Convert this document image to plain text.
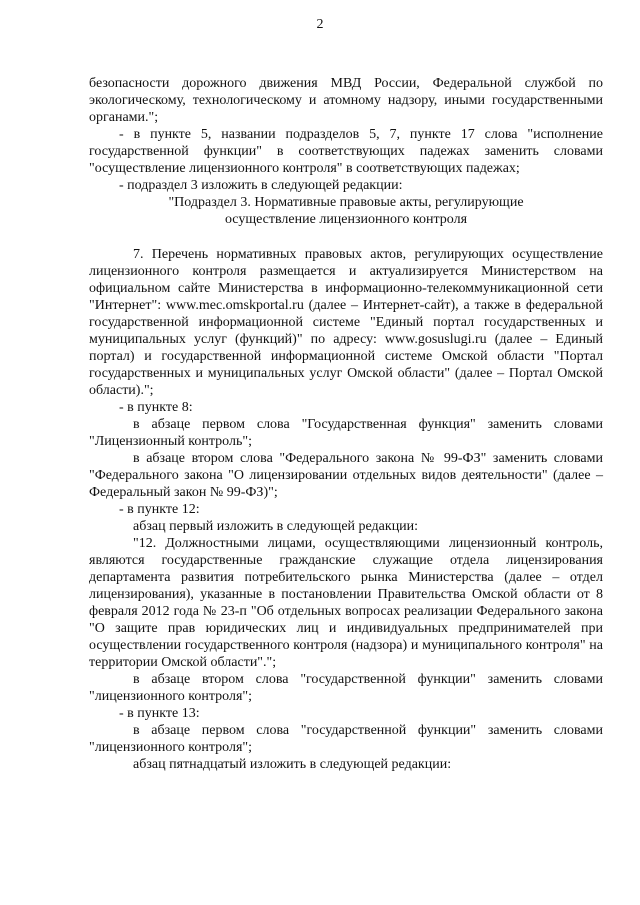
2

безопасности дорожного движения МВД России, Федеральной службой по экологическому, технологическому и атомному надзору, иными государственными органами.";

- в пункте 5, названии подразделов 5, 7, пункте 17 слова "исполнение государственной функции" в соответствующих падежах заменить словами "осуществление лицензионного контроля" в соответствующих падежах;

- подраздел 3 изложить в следующей редакции:

"Подраздел 3. Нормативные правовые акты, регулирующие осуществление лицензионного контроля

7. Перечень нормативных правовых актов, регулирующих осуществление лицензионного контроля размещается и актуализируется Министерством на официальном сайте Министерства в информационно-телекоммуникационной сети "Интернет": www.mec.omskportal.ru (далее – Интернет-сайт), а также в федеральной государственной информационной системе "Единый портал государственных и муниципальных услуг (функций)" по адресу: www.gosuslugi.ru (далее – Единый портал) и государственной информационной системе Омской области "Портал государственных и муниципальных услуг Омской области" (далее – Портал Омской области).";

- в пункте 8:

в абзаце первом слова "Государственная функция" заменить словами "Лицензионный контроль";

в абзаце втором слова "Федерального закона № 99-ФЗ" заменить словами "Федерального закона "О лицензировании отдельных видов деятельности" (далее – Федеральный закон № 99-ФЗ)";

- в пункте 12:

абзац первый изложить в следующей редакции:

"12. Должностными лицами, осуществляющими лицензионный контроль, являются государственные гражданские служащие отдела лицензирования департамента развития потребительского рынка Министерства (далее – отдел лицензирования), указанные в постановлении Правительства Омской области от 8 февраля 2012 года № 23-п "Об отдельных вопросах реализации Федерального закона "О защите прав юридических лиц и индивидуальных предпринимателей при осуществлении государственного контроля (надзора) и муниципального контроля" на территории Омской области".";

в абзаце втором слова "государственной функции" заменить словами "лицензионного контроля";

- в пункте 13:

в абзаце первом слова "государственной функции" заменить словами "лицензионного контроля";

абзац пятнадцатый изложить в следующей редакции:
